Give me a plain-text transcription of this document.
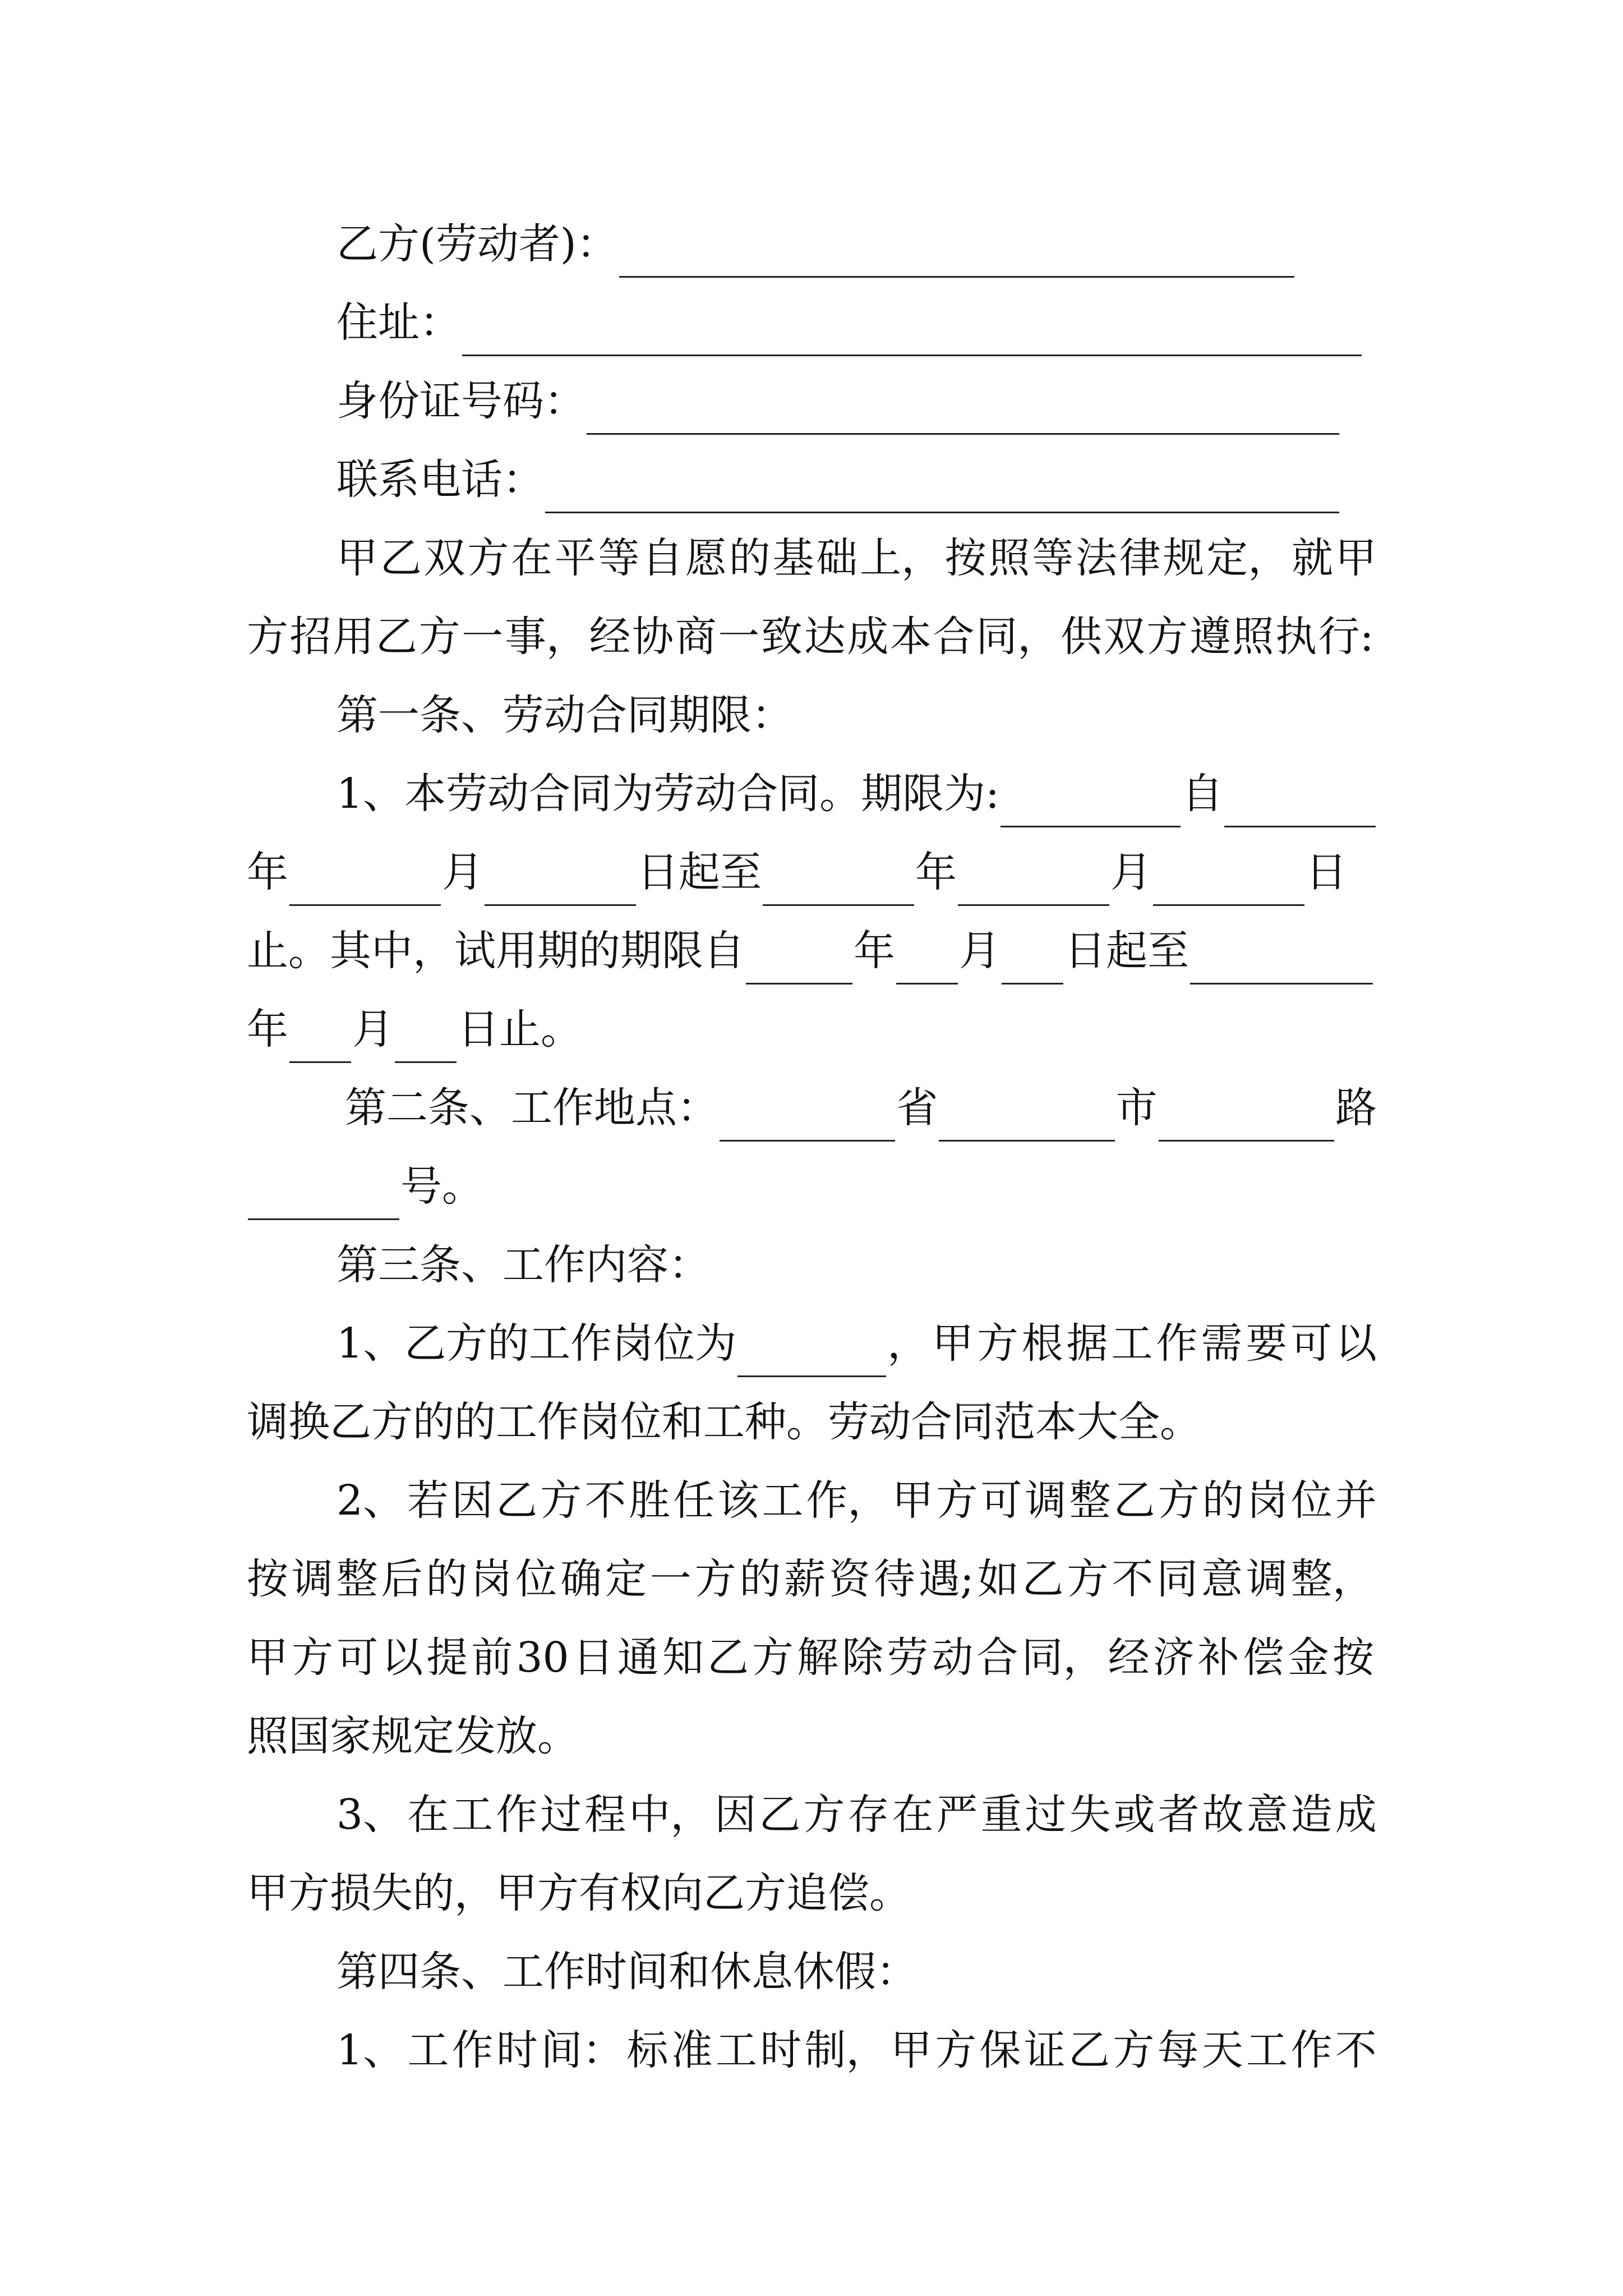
乙方(劳动者)：
住址：
身份证号码：
联系电话：
甲 乙 双 方 在 平 等 自 愿 的 基 础 上， 按 照 等 法 律 规 定， 就 甲
方 招 用 乙 方 一 事， 经 协 商 一 致 达 成 本 合 同， 供 双 方 遵 照 执 行:
第一条、劳动合同期限：
1、本劳动合同为劳动合同。期限为:	自
年	月	日起至	年	月	日
止。其中，试用期的期限自	年 月 日起至
年 月 日止。
第二条、工作地点：	省	市	路
号。
第三条、工作内容：
1、乙方的工作岗位为	， 甲 方 根 据 工 作 需 要 可 以
调换乙方的的工作岗位和工种。劳动合同范本大全。
2、 若 因 乙 方 不 胜 任 该 工 作， 甲 方 可 调 整 乙 方 的 岗 位 并
按 调 整 后 的 岗 位 确 定 一 方 的 薪 资 待 遇; 如 乙 方 不 同 意 调 整，
甲 方 可 以 提 前 30 日 通 知 乙 方 解 除 劳 动 合 同， 经 济 补 偿 金 按
照国家规定发放。
3、 在 工 作 过 程 中， 因 乙 方 存 在 严 重 过 失 或 者 故 意 造 成
甲方损失的，甲方有权向乙方追偿。
第四条、工作时间和休息休假：
1、 工 作 时 间： 标 准 工 时 制， 甲 方 保 证 乙 方 每 天 工 作 不
